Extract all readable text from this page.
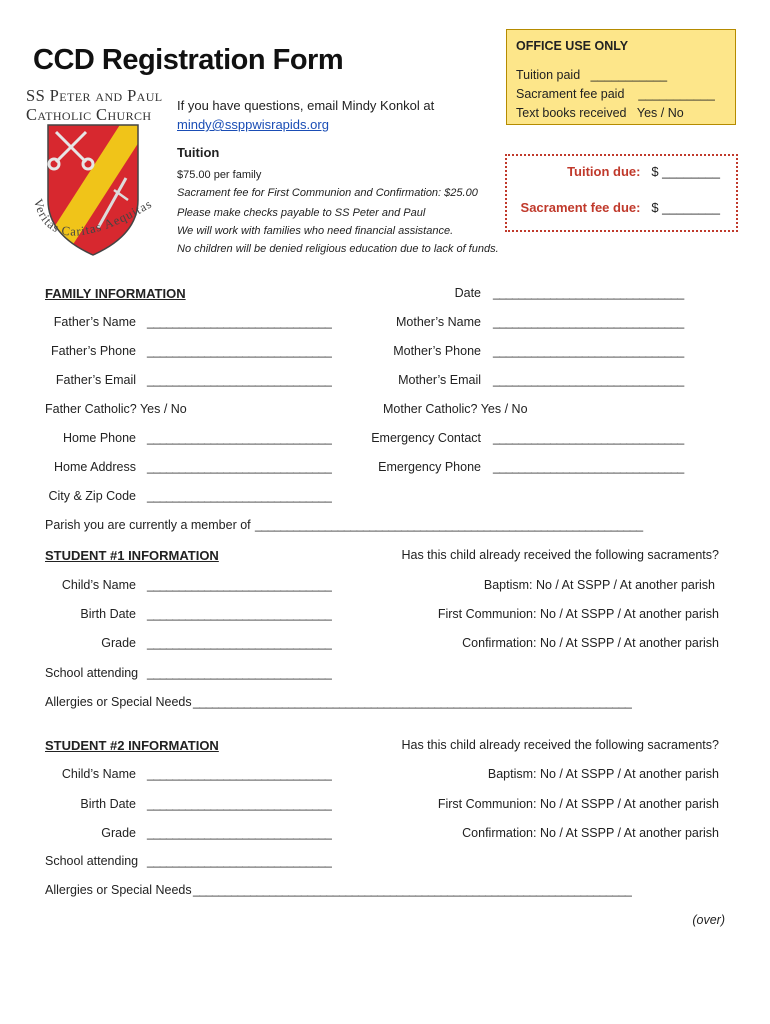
CCD Registration Form
SS Peter and Paul
Catholic Church
Veritas Caritas Aequitas
If you have questions, email Mindy Konkol at
mindy@ssppwisrapids.org
OFFICE USE ONLY
Tuition paid ___________
Sacrament fee paid ___________
Text books received Yes / No
Tuition
$75.00 per family
Sacrament fee for First Communion and Confirmation: $25.00
Please make checks payable to SS Peter and Paul
We will work with families who need financial assistance.
No children will be denied religious education due to lack of funds.
Tuition due: $ ________
Sacrament fee due: $ ________
FAMILY INFORMATION	Date ______________________________
Father’s Name _____________________________	Mother’s Name ______________________________
Father’s Phone _____________________________	Mother’s Phone ______________________________
Father’s Email _____________________________	Mother’s Email ______________________________
Father Catholic? Yes / No	Mother Catholic? Yes / No
Home Phone _____________________________	Emergency Contact ______________________________
Home Address _____________________________	Emergency Phone ______________________________
City & Zip Code _____________________________
Parish you are currently a member of _____________________________________________________________
STUDENT #1 INFORMATION	Has this child already received the following sacraments?
Child’s Name _____________________________	Baptism: No / At SSPP / At another parish
Birth Date _____________________________	First Communion: No / At SSPP / At another parish
Grade _____________________________	Confirmation: No / At SSPP / At another parish
School attending _____________________________
Allergies or Special Needs _____________________________________________________________________
STUDENT #2 INFORMATION	Has this child already received the following sacraments?
Child’s Name _____________________________	Baptism: No / At SSPP / At another parish
Birth Date _____________________________	First Communion: No / At SSPP / At another parish
Grade _____________________________	Confirmation: No / At SSPP / At another parish
School attending _____________________________
Allergies or Special Needs _____________________________________________________________________
(over)
